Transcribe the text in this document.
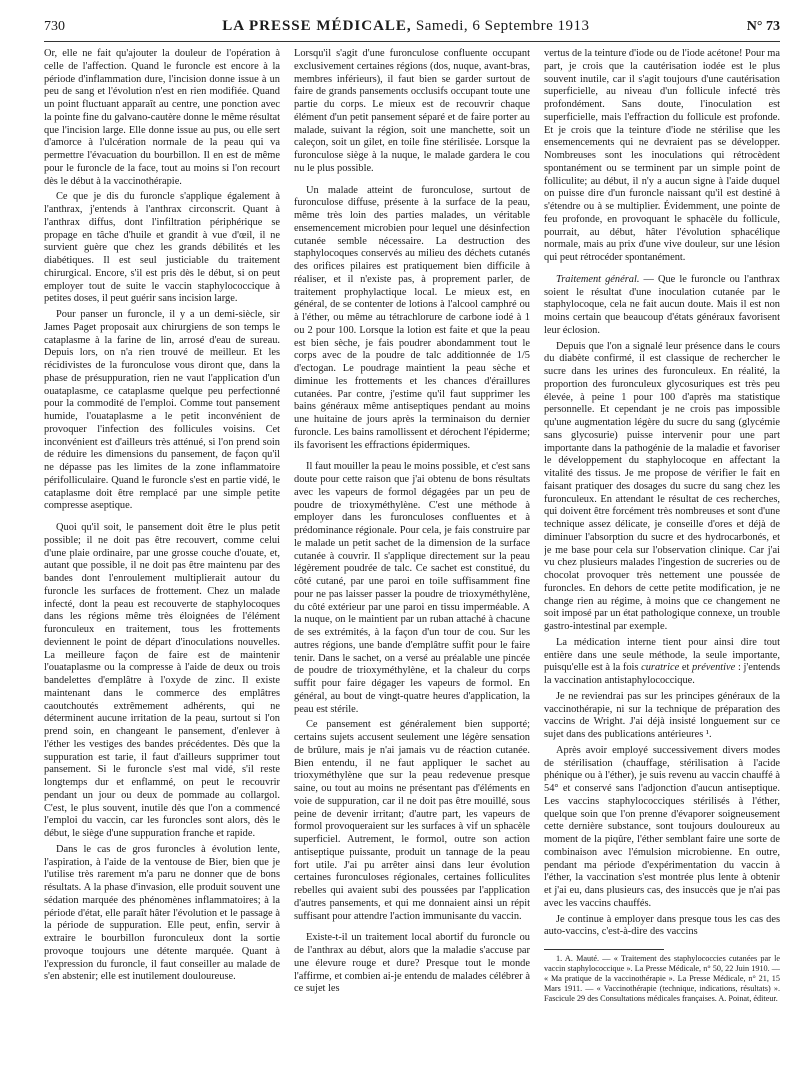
730	LA PRESSE MÉDICALE, Samedi, 6 Septembre 1913	N° 73

Or, elle ne fait qu'ajouter la douleur de l'opération à celle de l'affection. Quand le furoncle est encore à la période d'inflammation dure, l'incision donne issue à un peu de sang et l'évolution n'est en rien modifiée. Quand un point fluctuant apparaît au centre, une ponction avec la pointe fine du galvano-cautère donne le même résultat que l'incision large. Elle donne issue au pus, ou elle sert d'amorce à l'ulcération normale de la peau qui va permettre l'évacuation du bourbillon. Il en est de même pour le furoncle de la face, tout au moins si l'on recourt dès le début à la vaccinothérapie.

Ce que je dis du furoncle s'applique également à l'anthrax, j'entends à l'anthrax circonscrit. Quant à l'anthrax diffus, dont l'infiltration périphérique se propage en tâche d'huile et grandit à vue d'œil, il ne survient guère que chez les grands débilités et les diabétiques. Il est seul justiciable du traitement chirurgical. Encore, s'il est pris dès le début, si on peut employer tout de suite le vaccin staphylococcique à petites doses, il peut guérir sans incision large.

Pour panser un furoncle, il y a un demi-siècle, sir James Paget proposait aux chirurgiens de son temps le cataplasme à la farine de lin, arrosé d'eau de sureau. Depuis lors, on n'a rien trouvé de meilleur. Et les récidivistes de la furonculose vous diront que, dans la phase de présuppuration, rien ne vaut l'application d'un ouataplasme, ce cataplasme quelque peu perfectionné pour la commodité de l'emploi. Comme tout pansement humide, l'ouataplasme a le petit inconvénient de provoquer l'infection des follicules voisins. Cet inconvénient est d'ailleurs très atténué, si l'on prend soin de réduire les dimensions du pansement, de façon qu'il ne dépasse pas les limites de la zone inflammatoire périfolliculaire. Quand le furoncle s'est en partie vidé, le cataplasme doit être remplacé par une simple petite compresse aseptique.

Quoi qu'il soit, le pansement doit être le plus petit possible; il ne doit pas être recouvert, comme celui d'une plaie ordinaire, par une grosse couche d'ouate, et, autant que possible, il ne doit pas être maintenu par des bandes dont l'enroulement multiplierait autour du furoncle les surfaces de frottement. Chez un malade infecté, dont la peau est recouverte de staphylocoques dans les régions même très éloignées de l'élément furonculeux en traitement, tous les frottements deviennent le point de départ d'inoculations nouvelles. La meilleure façon de faire est de maintenir l'ouataplasme ou la compresse à l'aide de deux ou trois bandelettes d'emplâtre à l'oxyde de zinc. Il existe maintenant dans le commerce des emplâtres caoutchoutés extrêmement adhérents, qui ne déterminent aucune irritation de la peau, surtout si l'on prend soin, en changeant le pansement, d'enlever à l'éther les vestiges des bandes précédentes. Dès que la suppuration est tarie, il faut d'ailleurs supprimer tout pansement. Si le furoncle s'est mal vidé, s'il reste longtemps dur et enflammé, on peut le recouvrir pendant un jour ou deux de pommade au collargol. C'est, le plus souvent, inutile dès que l'on a commencé l'emploi du vaccin, car les furoncles sont alors, dès le début, le siège d'une suppuration franche et rapide.

Dans le cas de gros furoncles à évolution lente, l'aspiration, à l'aide de la ventouse de Bier, bien que je l'utilise très rarement m'a paru ne donner que de bons résultats. A la phase d'invasion, elle produit souvent une sédation marquée des phénomènes inflammatoires; à la période d'état, elle paraît hâter l'évolution et le passage à la période de suppuration. Elle peut, enfin, servir à extraire le bourbillon furonculeux dont la sortie provoque toujours une détente marquée. Quant à l'expression du furoncle, il faut conseiller au malade de s'en abstenir; elle est inutilement douloureuse.

Lorsqu'il s'agit d'une furonculose confluente occupant exclusivement certaines régions (dos, nuque, avant-bras, membres inférieurs), il faut bien se garder surtout de faire de grands pansements occlusifs occupant toute une partie du corps. Le mieux est de recouvrir chaque élément d'un petit pansement séparé et de faire porter au malade, suivant la région, soit une manchette, soit un caleçon, soit un gilet, en toile fine stérilisée. Lorsque la furonculose siège à la nuque, le malade gardera le cou nu le plus possible.

Un malade atteint de furonculose, surtout de furonculose diffuse, présente à la surface de la peau, même très loin des parties malades, un véritable ensemencement microbien pour lequel une désinfection cutanée semble nécessaire. La destruction des staphylocoques conservés au milieu des déchets cutanés des orifices pilaires est pratiquement bien difficile à réaliser, et il n'existe pas, à proprement parler, de traitement prophylactique local. Le mieux est, en général, de se contenter de lotions à l'alcool camphré ou à l'éther, ou même au tétrachlorure de carbone iodé à 1 ou 2 pour 100. Lorsque la lotion est faite et que la peau est bien sèche, je fais poudrer abondamment tout le corps avec de la poudre de talc additionnée de 1/5 d'ectogan. Le poudrage maintient la peau sèche et diminue les frottements et les chances d'éraillures cutanées. Par contre, j'estime qu'il faut supprimer les bains généraux même antiseptiques pendant au moins une huitaine de jours après la terminaison du dernier furoncle. Les bains ramollissent et dérochent l'épiderme; ils favorisent les effractions épidermiques.

Il faut mouiller la peau le moins possible, et c'est sans doute pour cette raison que j'ai obtenu de bons résultats avec les vapeurs de formol dégagées par un peu de poudre de trioxyméthylène. C'est une méthode à employer dans les furonculoses confluentes et à prédominance régionale. Pour cela, je fais construire par le malade un petit sachet de la dimension de la surface cutanée à couvrir. Il s'applique directement sur la peau légèrement poudrée de talc. Ce sachet est constitué, du côté cutané, par une paroi en toile suffisamment fine pour ne pas laisser passer la poudre de trioxyméthylène, du côté extérieur par une paroi en tissu imperméable. A la nuque, on le maintient par un ruban attaché à chacune de ses extrémités, à la façon d'un tour de cou. Sur les autres régions, une bande d'emplâtre suffit pour le faire tenir. Dans le sachet, on a versé au préalable une pincée de poudre de trioxyméthylène, et la chaleur du corps suffit pour faire dégager les vapeurs de formol. En général, au bout de vingt-quatre heures d'application, la peau est stérile.

Ce pansement est généralement bien supporté; certains sujets accusent seulement une légère sensation de brûlure, mais je n'ai jamais vu de réaction cutanée. Bien entendu, il ne faut appliquer le sachet au trioxyméthylène que sur la peau redevenue presque saine, ou tout au moins ne présentant pas d'éléments en voie de suppuration, car il ne doit pas être mouillé, sous peine de devenir irritant; d'autre part, les vapeurs de formol provoqueraient sur les surfaces à vif un sphacèle superficiel. Autrement, le formol, outre son action antiseptique puissante, produit un tannage de la peau fort utile. J'ai pu arrêter ainsi dans leur évolution certaines furonculoses régionales, certaines folliculites rebelles qui avaient subi des poussées par l'application d'autres pansements, et qui me donnaient ainsi un répit suffisant pour attendre l'action immunisante du vaccin.

Existe-t-il un traitement local abortif du furoncle ou de l'anthrax au début, alors que la maladie s'accuse par une élevure rouge et dure? Presque tout le monde l'affirme, et combien ai-je entendu de malades célébrer à ce sujet les

vertus de la teinture d'iode ou de l'iode acétone! Pour ma part, je crois que la cautérisation iodée est le plus souvent inutile, car il s'agit toujours d'une cautérisation superficielle, au niveau d'un follicule infecté très profondément. Sans doute, l'inoculation est superficielle, mais l'effraction du follicule est profonde. Et je crois que la teinture d'iode ne stérilise que les ensemencements qui ne devraient pas se développer. Nombreuses sont les inoculations qui rétrocèdent spontanément ou se terminent par un simple point de folliculite; au début, il n'y a aucun signe à l'aide duquel on puisse dire d'un furoncle naissant qu'il est destiné à s'étendre ou à se multiplier. Évidemment, une pointe de feu profonde, en provoquant le sphacèle du follicule, pourrait, au début, hâter l'évolution sphacélique normale, mais au prix d'une vive douleur, sur une lésion qui peut rétrocéder spontanément.

Traitement général. — Que le furoncle ou l'anthrax soient le résultat d'une inoculation cutanée par le staphylocoque, cela ne fait aucun doute. Mais il est non moins certain que beaucoup d'états généraux favorisent leur éclosion.

Depuis que l'on a signalé leur présence dans le cours du diabète confirmé, il est classique de rechercher le sucre dans les urines des furonculeux. En réalité, la proportion des furonculeux glycosuriques est très peu élevée, à peine 1 pour 100 d'après ma statistique personnelle. Et cependant je ne crois pas impossible qu'une augmentation légère du sucre du sang (glycémie sans glycosurie) puisse intervenir pour une part importante dans la pathogénie de la maladie et favoriser le développement du staphylocoque en affectant la vitalité des tissus. Je me propose de vérifier le fait en faisant pratiquer des dosages du sucre du sang chez les furonculeux. En attendant le résultat de ces recherches, qui doivent être forcément très nombreuses et sont d'une technique assez délicate, je conseille d'ores et déjà de diminuer l'absorption du sucre et des hydrocarbonés, et je me base pour cela sur l'observation clinique. Car j'ai vu chez plusieurs malades l'ingestion de sucreries ou de chocolat provoquer très nettement une poussée de furoncles. En dehors de cette petite modification, je ne change rien au régime, à moins que ce changement ne soit imposé par un état pathologique connexe, un trouble gastro-intestinal par exemple.

La médication interne tient pour ainsi dire tout entière dans une seule méthode, la seule importante, puisqu'elle est à la fois curatrice et préventive : j'entends la vaccination antistaphylococcique.

Je ne reviendrai pas sur les principes généraux de la vaccinothérapie, ni sur la technique de préparation des vaccins de Wright. J'ai déjà insisté longuement sur ce sujet dans des publications antérieures ¹.

Après avoir employé successivement divers modes de stérilisation (chauffage, stérilisation à l'acide phénique ou à l'éther), je suis revenu au vaccin chauffé à 54° et conservé sans l'adjonction d'aucun antiseptique. Les vaccins staphylococciques stérilisés à l'éther, quelque soin que l'on prenne d'évaporer soigneusement cette dernière substance, sont toujours douloureux au moment de la piqûre, l'éther semblant faire une sorte de combinaison avec l'émulsion microbienne. En outre, pendant ma période d'expérimentation du vaccin à l'éther, la vaccination s'est montrée plus lente à obtenir et j'ai eu, dans plusieurs cas, des insuccès que je n'ai pas avec les vaccins chauffés.

Je continue à employer dans presque tous les cas des auto-vaccins, c'est-à-dire des vaccins

1. A. Mauté. — « Traitement des staphylococcies cutanées par le vaccin staphylococcique ». La Presse Médicale, n° 50, 22 Juin 1910. — « Ma pratique de la vaccinothérapie ». La Presse Médicale, n° 21, 15 Mars 1911. — « Vaccinothérapie (technique, indications, résultats) ». Fascicule 29 des Consultations médicales françaises. A. Poinat, éditeur.
